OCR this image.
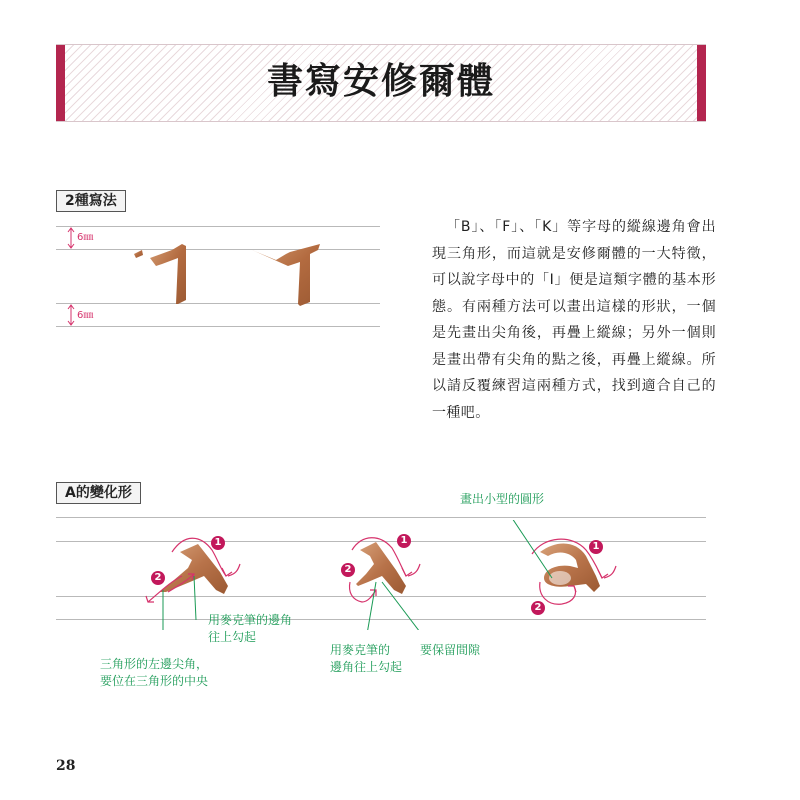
書寫安修爾體
2種寫法
6㎜
6㎜
「B」、「F」、「K」等字母的縱線邊角會出現三角形，而這就是安修爾體的一大特徵，可以說字母中的「I」便是這類字體的基本形態。有兩種方法可以畫出這樣的形狀，一個是先畫出尖角後，再疊上縱線；另外一個則是畫出帶有尖角的點之後，再疊上縱線。所以請反覆練習這兩種方式，找到適合自己的一種吧。
A的變化形
1
2
1
2
1
2
畫出小型的圓形
用麥克筆的邊角
往上勾起
三角形的左邊尖角，
要位在三角形的中央
用麥克筆的
邊角往上勾起
要保留間隙
28
